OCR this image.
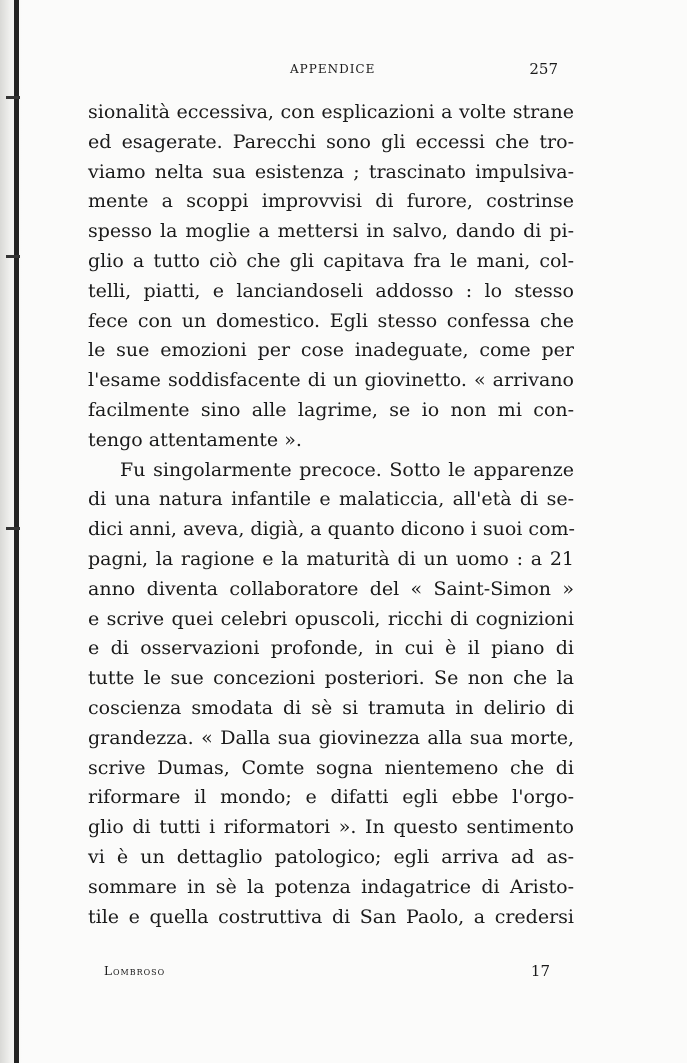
APPENDICE	257

sionalità eccessiva, con esplicazioni a volte strane
ed esagerate. Parecchi sono gli eccessi che tro-
viamo nelta sua esistenza ; trascinato impulsiva-
mente a scoppi improvvisi di furore, costrinse
spesso la moglie a mettersi in salvo, dando di pi-
glio a tutto ciò che gli capitava fra le mani, col-
telli, piatti, e lanciandoseli addosso : lo stesso
fece con un domestico. Egli stesso confessa che
le sue emozioni per cose inadeguate, come per
l'esame soddisfacente di un giovinetto. « arrivano
facilmente sino alle lagrime, se io non mi con-
tengo attentamente ».

Fu singolarmente precoce. Sotto le apparenze
di una natura infantile e malaticcia, all'età di se-
dici anni, aveva, digià, a quanto dicono i suoi com-
pagni, la ragione e la maturità di un uomo : a 21
anno diventa collaboratore del « Saint-Simon »
e scrive quei celebri opuscoli, ricchi di cognizioni
e di osservazioni profonde, in cui è il piano di
tutte le sue concezioni posteriori. Se non che la
coscienza smodata di sè si tramuta in delirio di
grandezza. « Dalla sua giovinezza alla sua morte,
scrive Dumas, Comte sogna nientemeno che di
riformare il mondo; e difatti egli ebbe l'orgo-
glio di tutti i riformatori ». In questo sentimento
vi è un dettaglio patologico; egli arriva ad as-
sommare in sè la potenza indagatrice di Aristo-
tile e quella costruttiva di San Paolo, a credersi

Lombroso	17
